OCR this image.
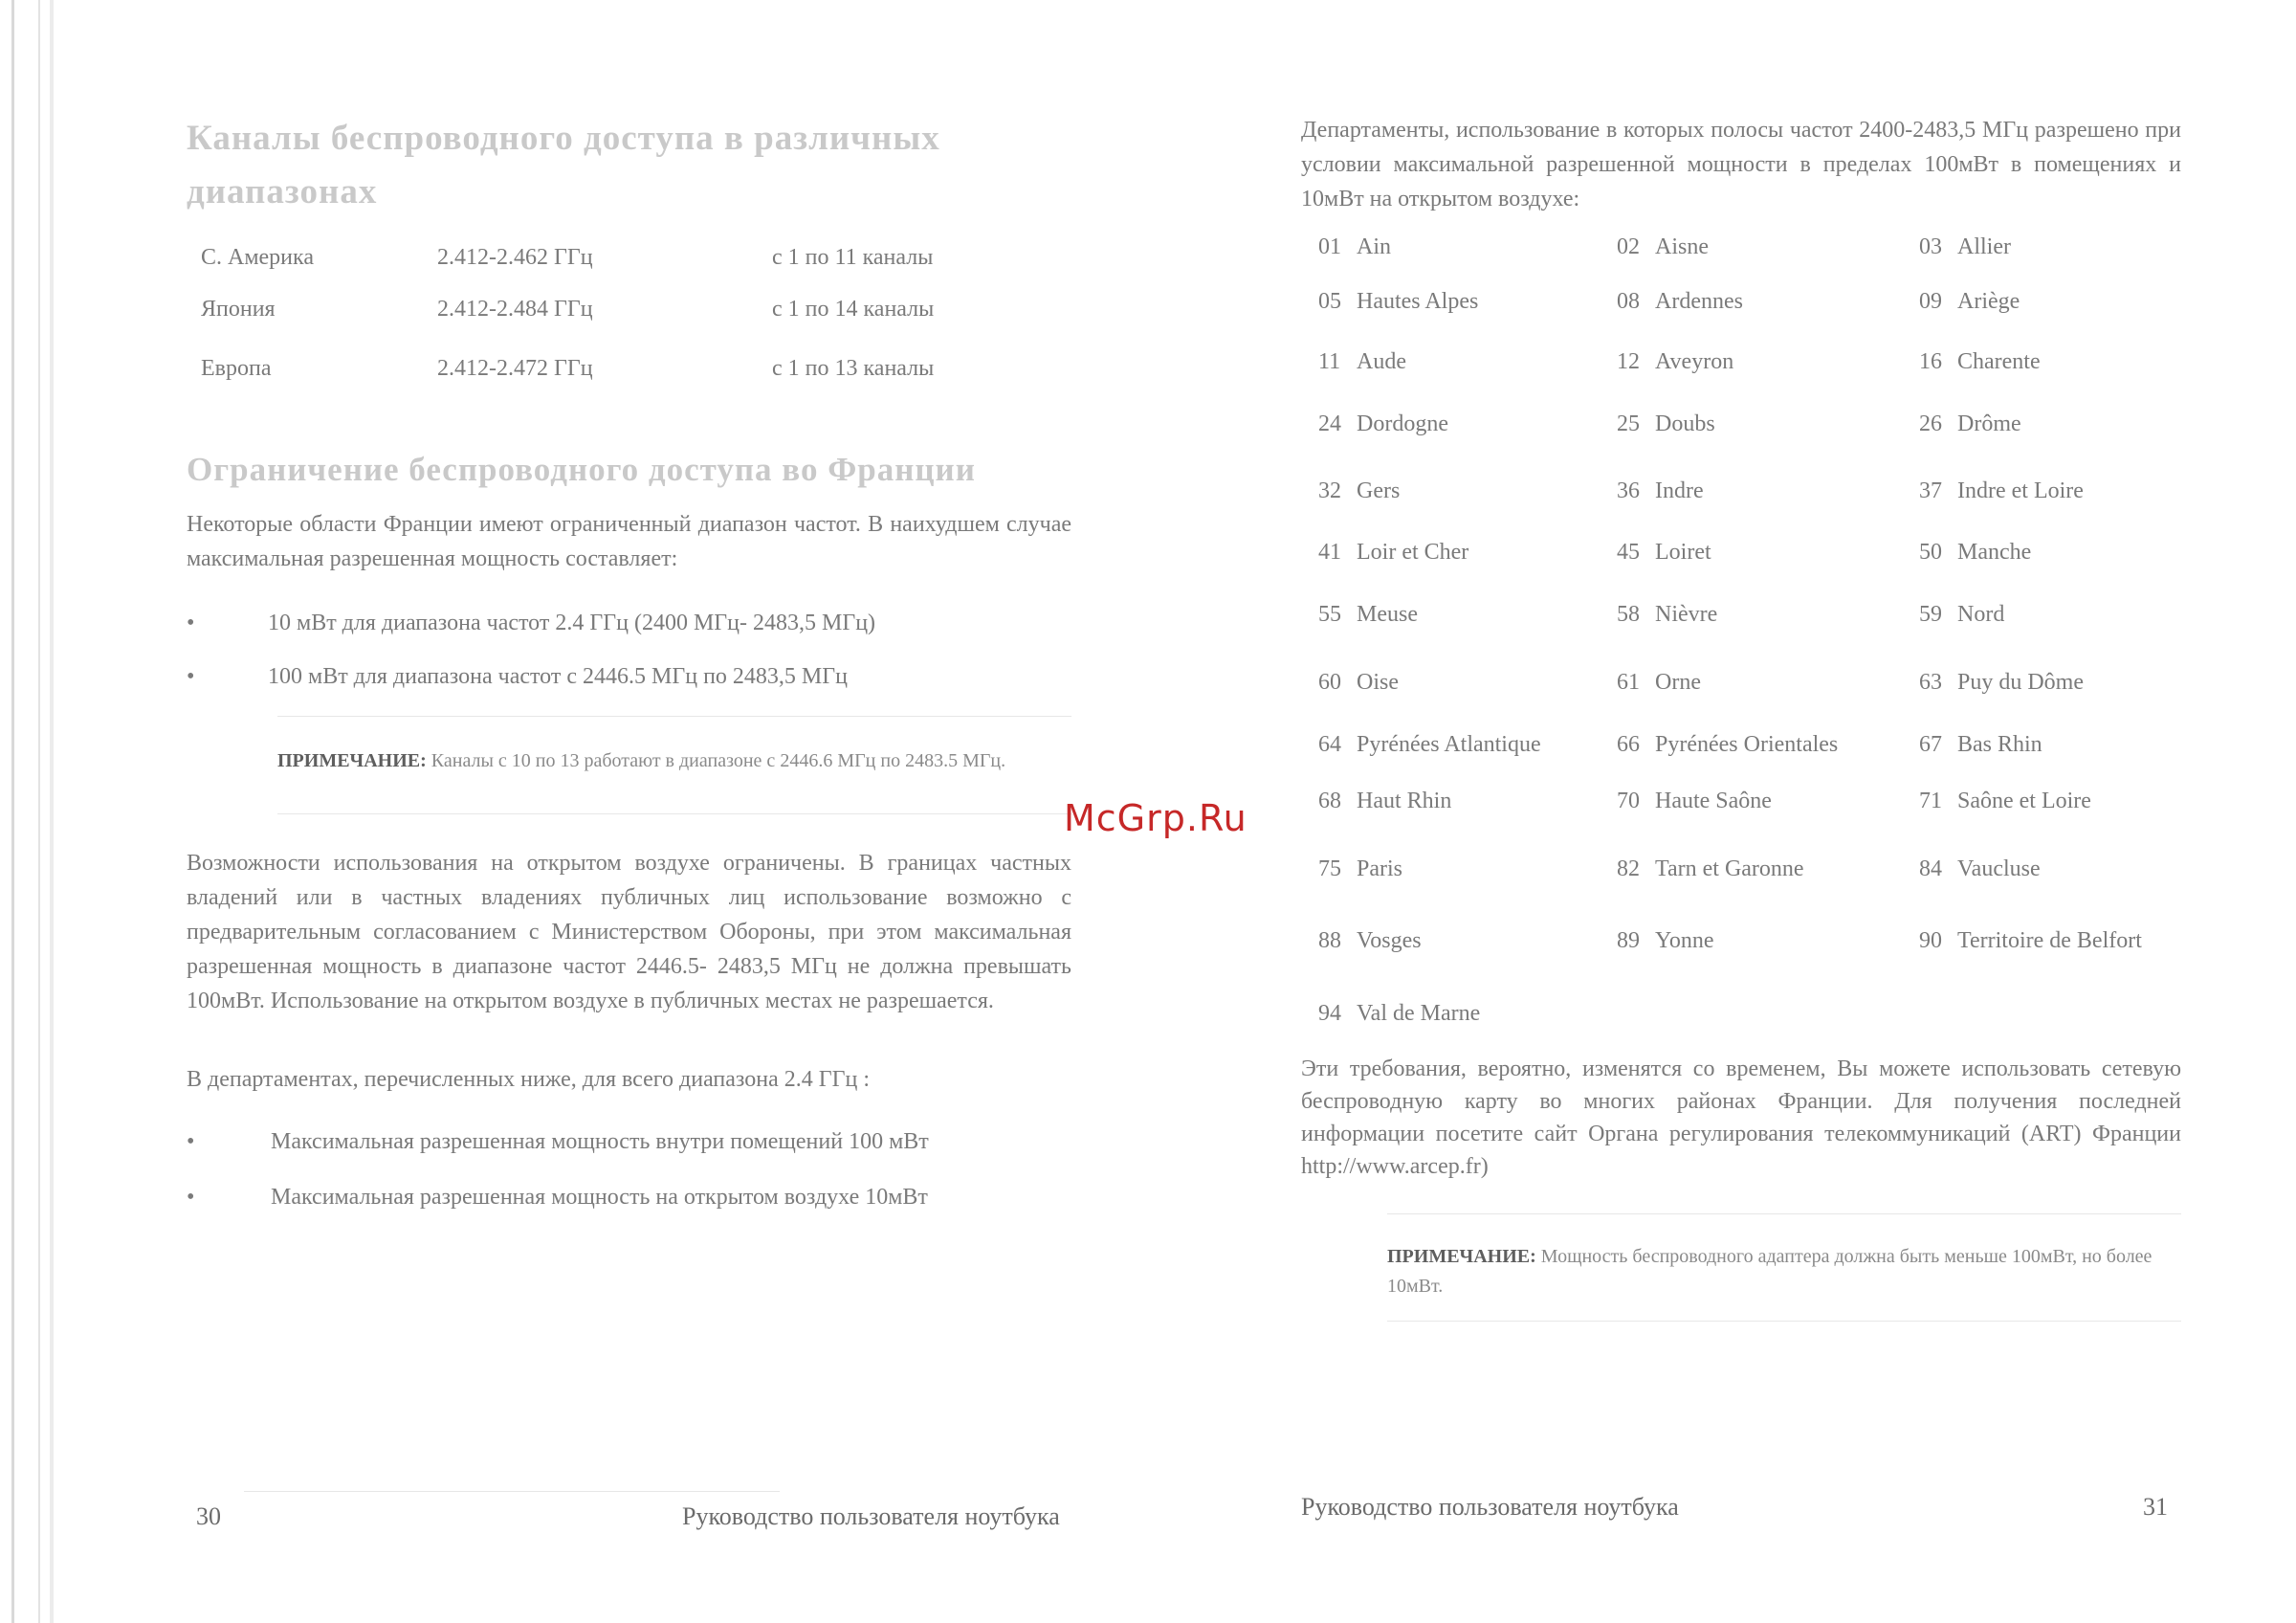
Каналы беспроводного доступа в различных диапазонах
С. Америка	2.412-2.462 ГГц	с 1 по 11 каналы
Япония	2.412-2.484 ГГц	с 1 по 14 каналы
Европа	2.412-2.472 ГГц	с 1 по 13 каналы
Ограничение беспроводного доступа во Франции
Некоторые области Франции имеют ограниченный диапазон частот. В наихудшем случае максимальная разрешенная мощность составляет:
•	10 мВт для диапазона частот 2.4 ГГц (2400 МГц- 2483,5 МГц)
•	100 мВт для диапазона частот с 2446.5 МГц по 2483,5 МГц
ПРИМЕЧАНИЕ: Каналы с 10 по 13 работают в диапазоне с 2446.6 МГц по 2483.5 МГц.
Возможности использования на открытом воздухе ограничены. В границах частных владений или в частных владениях публичных лиц использование возможно с предварительным согласованием с Министерством Обороны, при этом максимальная разрешенная мощность в диапазоне частот 2446.5- 2483,5 МГц не должна превышать 100мВт. Использование на открытом воздухе в публичных местах не разрешается.
В департаментах, перечисленных ниже, для всего диапазона 2.4 ГГц :
•	Максимальная разрешенная мощность внутри помещений 100 мВт
•	Максимальная разрешенная мощность на открытом воздухе 10мВт
30	Руководство пользователя ноутбука
McGrp.Ru
Департаменты, использование в которых полосы частот 2400-2483,5 МГц разрешено при условии максимальной разрешенной мощности в пределах 100мВт в помещениях и 10мВт на открытом воздухе:
01 Ain	02 Aisne	03 Allier
05 Hautes Alpes	08 Ardennes	09 Ariège
11 Aude	12 Aveyron	16 Charente
24 Dordogne	25 Doubs	26 Drôme
32 Gers	36 Indre	37 Indre et Loire
41 Loir et Cher	45 Loiret	50 Manche
55 Meuse	58 Nièvre	59 Nord
60 Oise	61 Orne	63 Puy du Dôme
64 Pyrénées Atlantique	66 Pyrénées Orientales	67 Bas Rhin
68 Haut Rhin	70 Haute Saône	71 Saône et Loire
75 Paris	82 Tarn et Garonne	84 Vaucluse
88 Vosges	89 Yonne	90 Territoire de Belfort
94 Val de Marne
Эти требования, вероятно, изменятся со временем, Вы можете использовать сетевую беспроводную карту во многих районах Франции. Для получения последней информации посетите сайт Органа регулирования телекоммуникаций (ART) Франции http://www.arcep.fr)
ПРИМЕЧАНИЕ: Мощность беспроводного адаптера должна быть меньше 100мВт, но более 10мВт.
Руководство пользователя ноутбука	31
